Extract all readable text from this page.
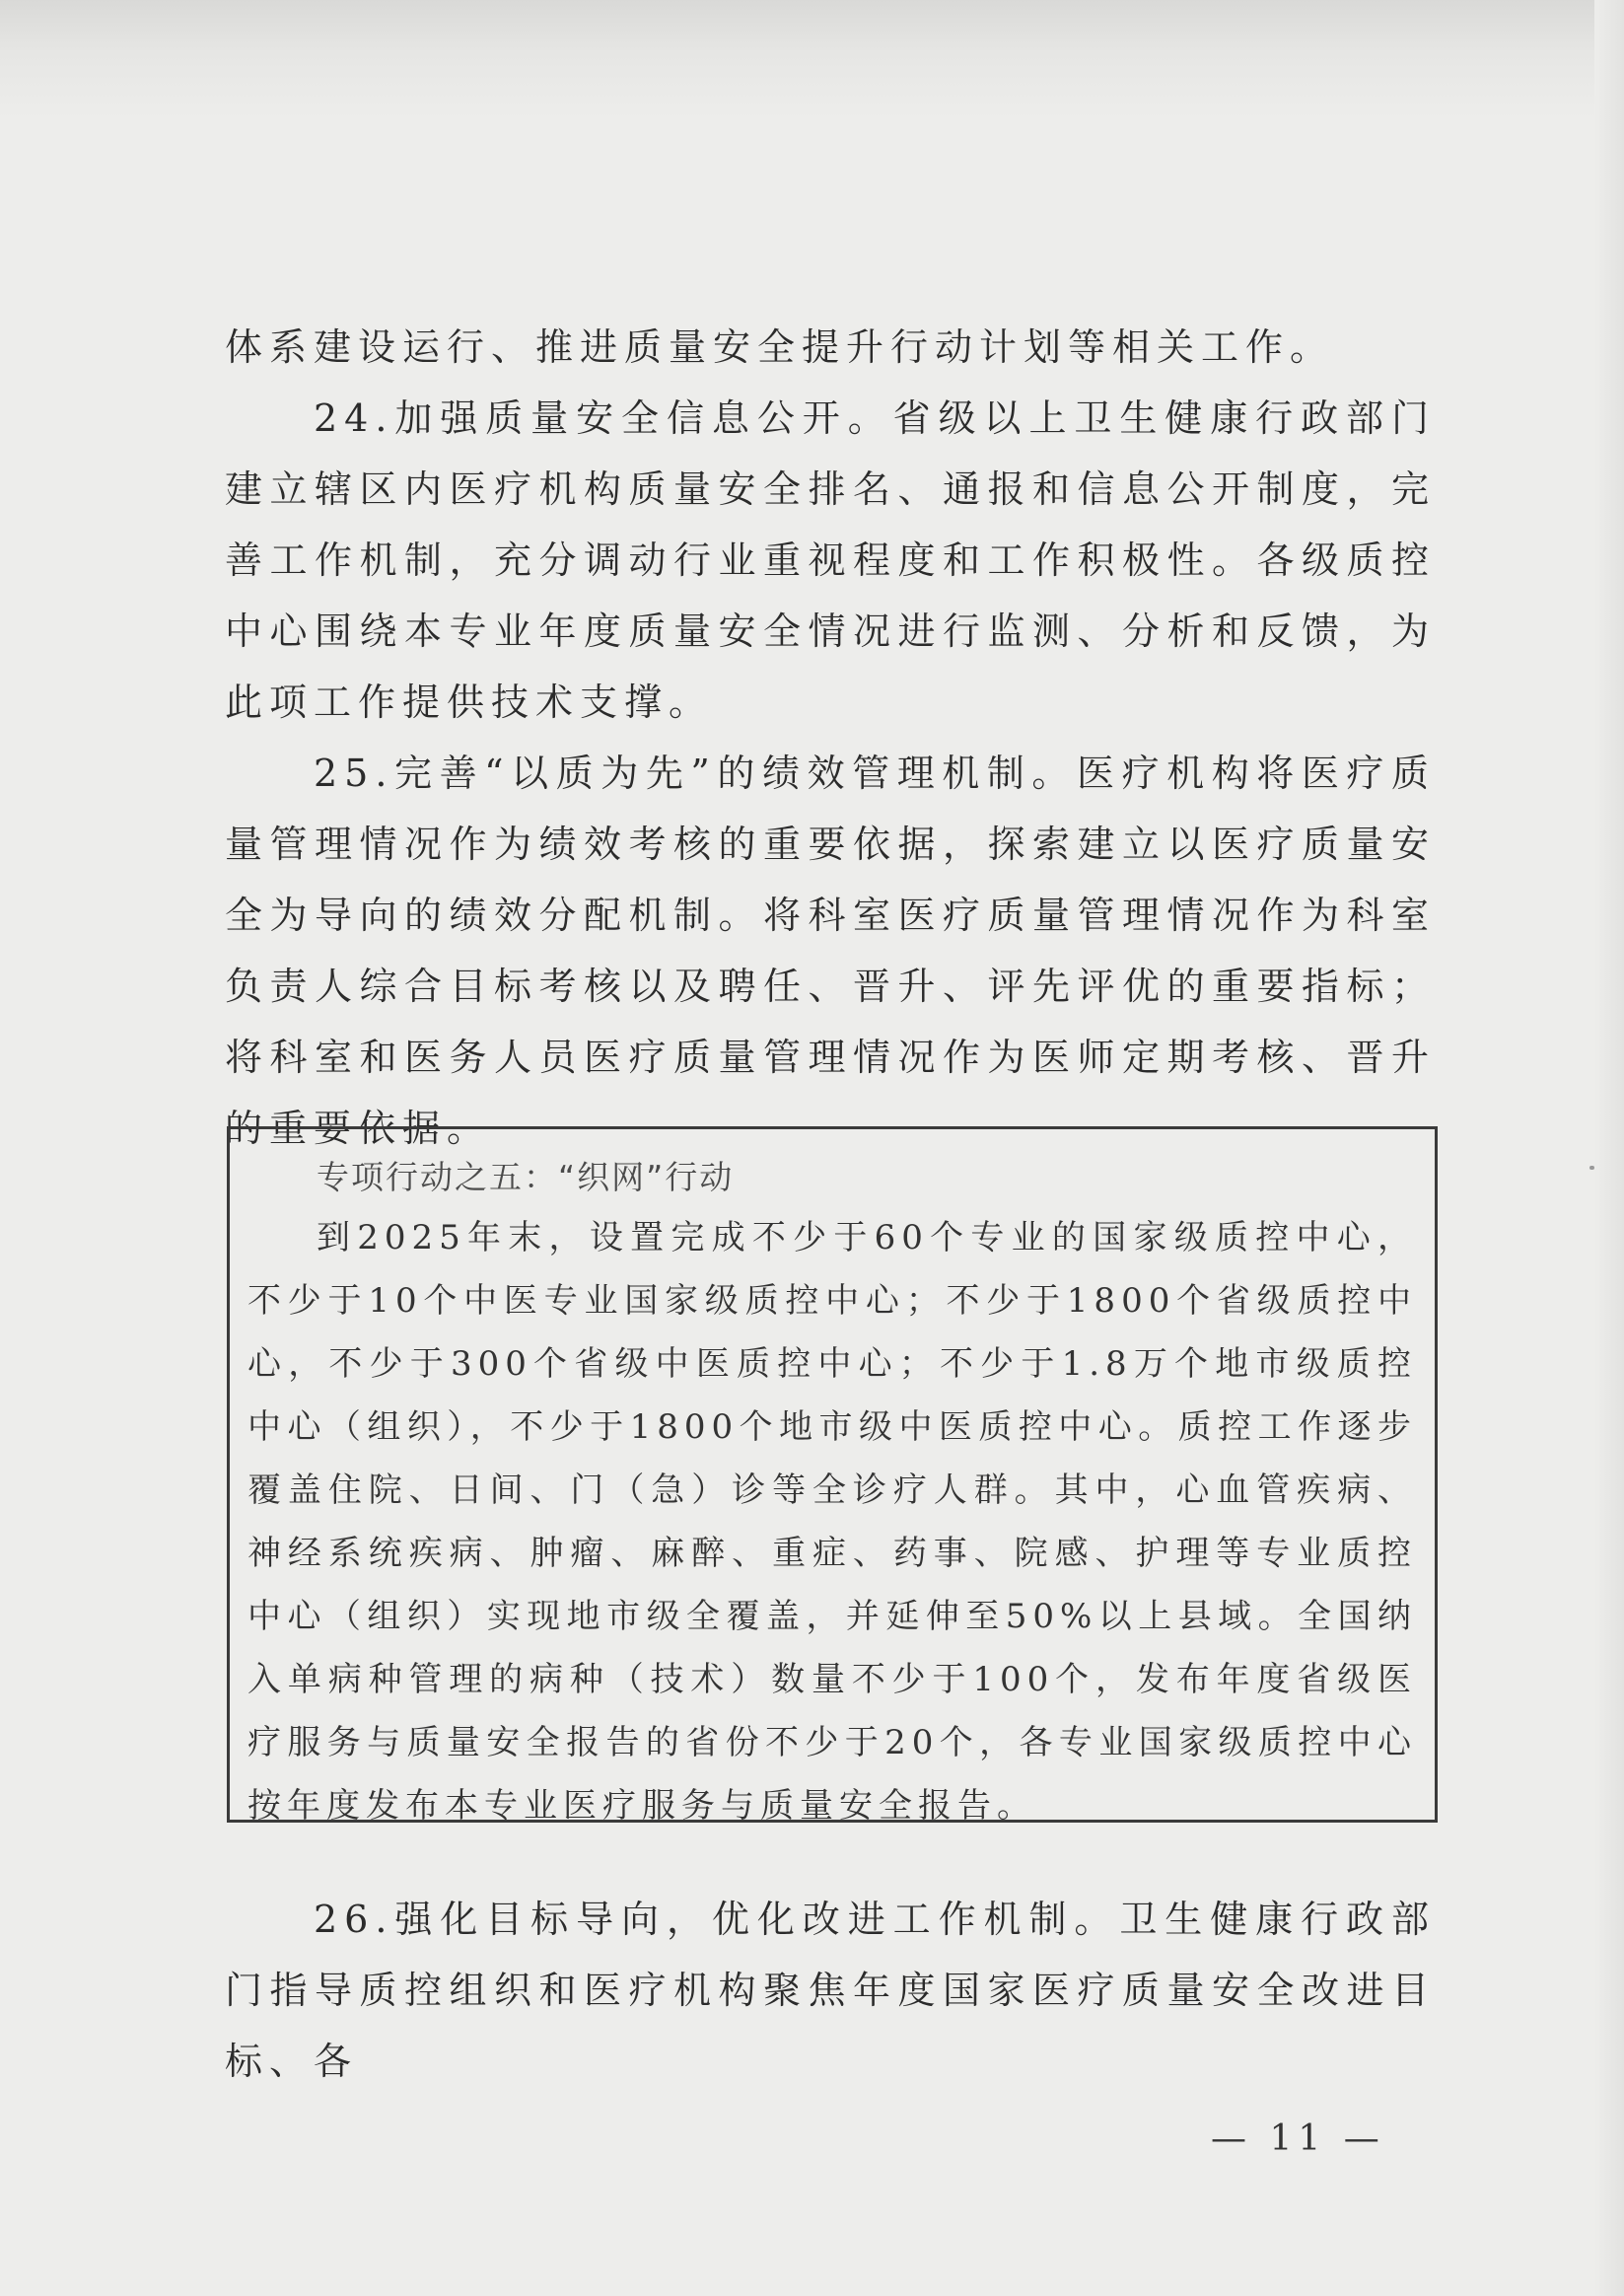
体系建设运行、推进质量安全提升行动计划等相关工作。

24.加强质量安全信息公开。省级以上卫生健康行政部门建立辖区内医疗机构质量安全排名、通报和信息公开制度，完善工作机制，充分调动行业重视程度和工作积极性。各级质控中心围绕本专业年度质量安全情况进行监测、分析和反馈，为此项工作提供技术支撑。

25.完善“以质为先”的绩效管理机制。医疗机构将医疗质量管理情况作为绩效考核的重要依据，探索建立以医疗质量安全为导向的绩效分配机制。将科室医疗质量管理情况作为科室负责人综合目标考核以及聘任、晋升、评先评优的重要指标；将科室和医务人员医疗质量管理情况作为医师定期考核、晋升的重要依据。

专项行动之五：“织网”行动

到2025年末，设置完成不少于60个专业的国家级质控中心，不少于10个中医专业国家级质控中心；不少于1800个省级质控中心，不少于300个省级中医质控中心；不少于1.8万个地市级质控中心（组织），不少于1800个地市级中医质控中心。质控工作逐步覆盖住院、日间、门（急）诊等全诊疗人群。其中，心血管疾病、神经系统疾病、肿瘤、麻醉、重症、药事、院感、护理等专业质控中心（组织）实现地市级全覆盖，并延伸至50%以上县域。全国纳入单病种管理的病种（技术）数量不少于100个，发布年度省级医疗服务与质量安全报告的省份不少于20个，各专业国家级质控中心按年度发布本专业医疗服务与质量安全报告。

26.强化目标导向，优化改进工作机制。卫生健康行政部门指导质控组织和医疗机构聚焦年度国家医疗质量安全改进目标、各

— 11 —
